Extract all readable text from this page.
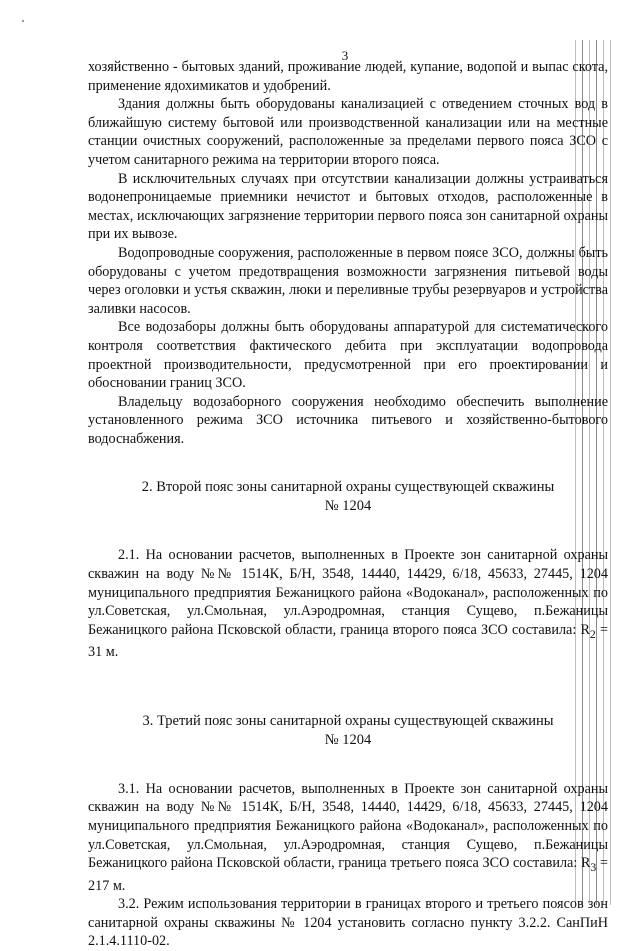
3

хозяйственно - бытовых зданий, проживание людей, купание, водопой и выпас скота, применение ядохимикатов и удобрений.

Здания должны быть оборудованы канализацией с отведением сточных вод в ближайшую систему бытовой или производственной канализации или на местные станции очистных сооружений, расположенные за пределами первого пояса ЗСО с учетом санитарного режима на территории второго пояса.

В исключительных случаях при отсутствии канализации должны устраиваться водонепроницаемые приемники нечистот и бытовых отходов, расположенные в местах, исключающих загрязнение территории первого пояса зон санитарной охраны при их вывозе.

Водопроводные сооружения, расположенные в первом поясе ЗСО, должны быть оборудованы с учетом предотвращения возможности загрязнения питьевой воды через оголовки и устья скважин, люки и переливные трубы резервуаров и устройства заливки насосов.

Все водозаборы должны быть оборудованы аппаратурой для систематического контроля соответствия фактического дебита при эксплуатации водопровода проектной производительности, предусмотренной при его проектировании и обосновании границ ЗСО.

Владельцу водозаборного сооружения необходимо обеспечить выполнение установленного режима ЗСО источника питьевого и хозяйственно-бытового водоснабжения.

2. Второй пояс зоны санитарной охраны существующей скважины
№ 1204

2.1. На основании расчетов, выполненных в Проекте зон санитарной охраны скважин на воду №№ 1514К, Б/Н, 3548, 14440, 14429, 6/18, 45633, 27445, 1204 муниципального предприятия Бежаницкого района «Водоканал», расположенных по ул.Советская, ул.Смольная, ул.Аэродромная, станция Сущево, п.Бежаницы Бежаницкого района Псковской области, граница второго пояса ЗСО составила: $R_2 = 31$ м.

3. Третий пояс зоны санитарной охраны существующей скважины
№ 1204

3.1. На основании расчетов, выполненных в Проекте зон санитарной охраны скважин на воду №№ 1514К, Б/Н, 3548, 14440, 14429, 6/18, 45633, 27445, 1204 муниципального предприятия Бежаницкого района «Водоканал», расположенных по ул.Советская, ул.Смольная, ул.Аэродромная, станция Сущево, п.Бежаницы Бежаницкого района Псковской области, граница третьего пояса ЗСО составила: $R_3 = 217$ м.

3.2. Режим использования территории в границах второго и третьего поясов зон санитарной охраны скважины № 1204 установить согласно пункту 3.2.2. СанПиН 2.1.4.1110-02.
